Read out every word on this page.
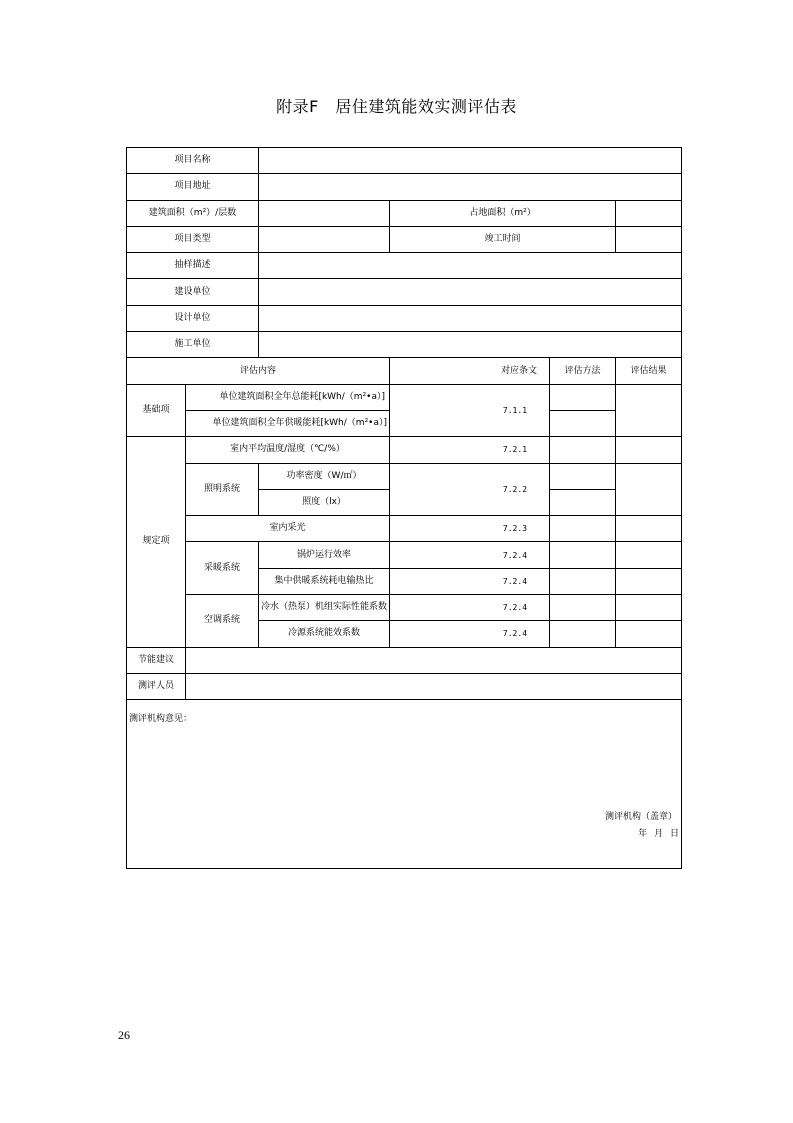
附录F　居住建筑能效实测评估表
项目名称					
项目地址					
建筑面积（m²）/层数			占地面积（m²）		
项目类型			竣工时间		
抽样描述					
建设单位					
设计单位					
施工单位					
评估内容			对应条文	评估方法	评估结果
基础项	单位建筑面积全年总能耗[kWh/（m²•a）]		7.1.1		
	单位建筑面积全年供暖能耗[kWh/（m²•a）]				
规定项	室内平均温度/湿度（℃/%）		7.2.1		
	照明系统	功率密度（W/㎡）	7.2.2		
		照度（lx）			
	室内采光		7.2.3		
	采暖系统	锅炉运行效率	7.2.4		
		集中供暖系统耗电输热比	7.2.4		
	空调系统	冷水（热泵）机组实际性能系数	7.2.4		
		冷源系统能效系数	7.2.4		
节能建议					
测评人员					

测评机构意见：
测评机构（盖章）
年 月 日					
26
